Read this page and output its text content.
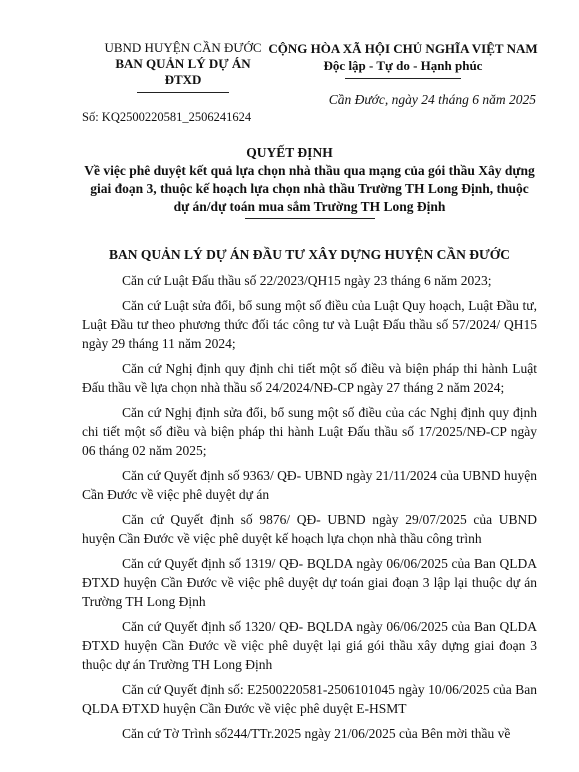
UBND HUYỆN CẦN ĐƯỚC
BAN QUẢN LÝ DỰ ÁN
ĐTXD
CỘNG HÒA XÃ HỘI CHỦ NGHĨA VIỆT NAM
Độc lập - Tự do - Hạnh phúc
Cần Đước, ngày 24 tháng 6 năm 2025
Số: KQ2500220581_2506241624
QUYẾT ĐỊNH
Về việc phê duyệt kết quả lựa chọn nhà thầu qua mạng của gói thầu Xây dựng giai đoạn 3, thuộc kế hoạch lựa chọn nhà thầu Trường TH Long Định, thuộc dự án/dự toán mua sắm Trường TH Long Định
BAN QUẢN LÝ DỰ ÁN ĐẦU TƯ XÂY DỰNG HUYỆN CẦN ĐƯỚC

Căn cứ Luật Đấu thầu số 22/2023/QH15 ngày 23 tháng 6 năm 2023;

Căn cứ Luật sửa đổi, bổ sung một số điều của Luật Quy hoạch, Luật Đầu tư, Luật Đầu tư theo phương thức đối tác công tư và Luật Đấu thầu số 57/2024/ QH15 ngày 29 tháng 11 năm 2024;

Căn cứ Nghị định quy định chi tiết một số điều và biện pháp thi hành Luật Đấu thầu về lựa chọn nhà thầu số 24/2024/NĐ-CP ngày 27 tháng 2 năm 2024;

Căn cứ Nghị định sửa đổi, bổ sung một số điều của các Nghị định quy định chi tiết một số điều và biện pháp thi hành Luật Đấu thầu số 17/2025/NĐ-CP ngày 06 tháng 02 năm 2025;

Căn cứ Quyết định số 9363/ QĐ- UBND ngày 21/11/2024 của UBND huyện Cần Đước về việc phê duyệt dự án

Căn cứ Quyết định số 9876/ QĐ- UBND ngày 29/07/2025 của UBND huyện Cần Đước về việc phê duyệt kế hoạch lựa chọn nhà thầu công trình

Căn cứ Quyết định số 1319/ QĐ- BQLDA ngày 06/06/2025 của Ban QLDA ĐTXD huyện Cần Đước về việc phê duyệt dự toán giai đoạn 3 lập lại thuộc dự án Trường TH Long Định

Căn cứ Quyết định số 1320/ QĐ- BQLDA ngày 06/06/2025 của Ban QLDA ĐTXD huyện Cần Đước về việc phê duyệt lại giá gói thầu xây dựng giai đoạn 3 thuộc dự án Trường TH Long Định

Căn cứ Quyết định số: E2500220581-2506101045 ngày 10/06/2025 của Ban QLDA ĐTXD huyện Cần Đước về việc phê duyệt E-HSMT

Căn cứ Tờ Trình số244/TTr.2025 ngày 21/06/2025 của Bên mời thầu về
